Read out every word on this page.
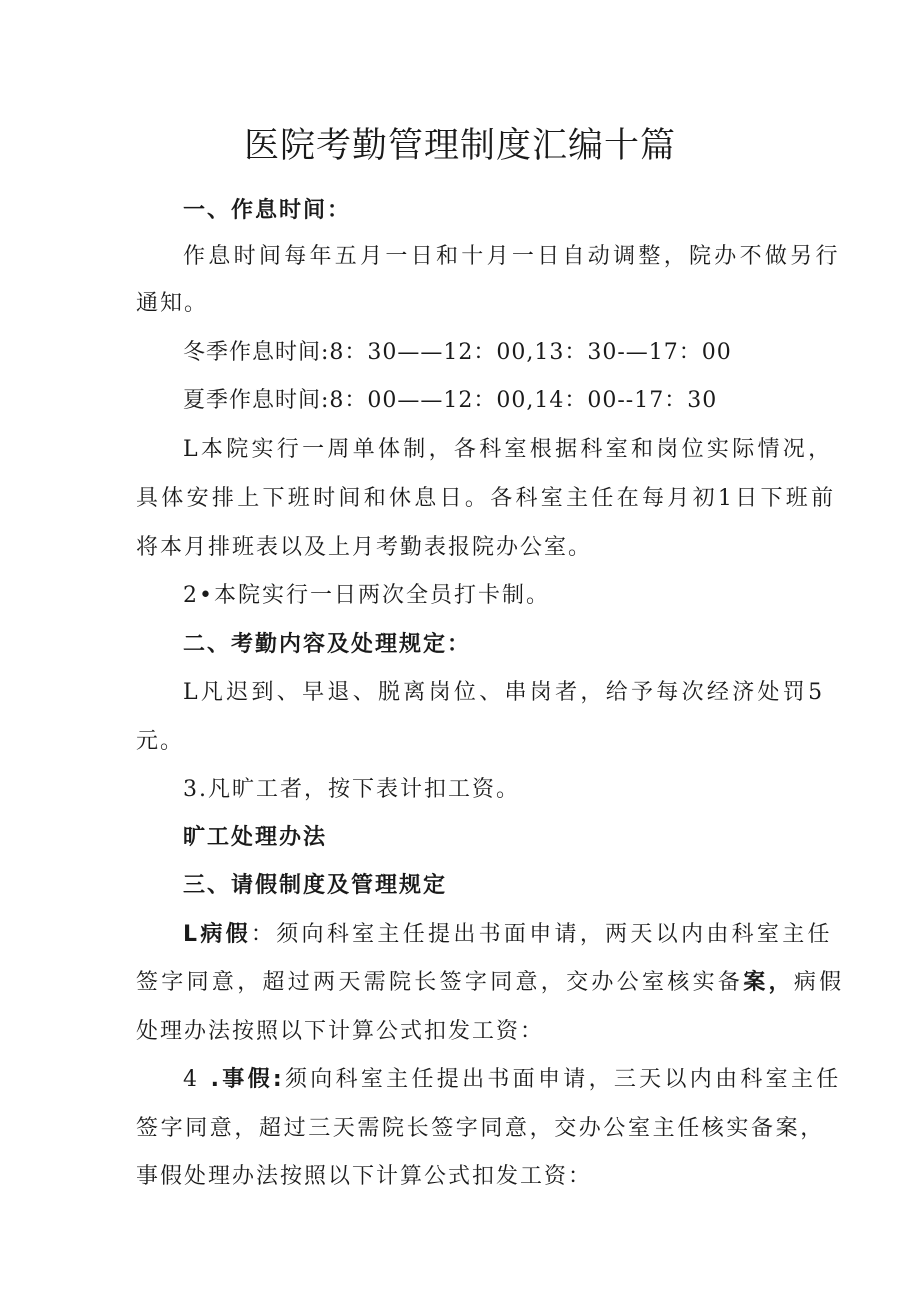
医院考勤管理制度汇编十篇

一、作息时间：

作息时间每年五月一日和十月一日自动调整，院办不做另行

通知。

冬季作息时间:8：30——12：00,13：30-—17：00

夏季作息时间:8：00——12：00,14：00--17：30

L本院实行一周单体制，各科室根据科室和岗位实际情况，

具体安排上下班时间和休息日。各科室主任在每月初1日下班前

将本月排班表以及上月考勤表报院办公室。

2•本院实行一日两次全员打卡制。

二、考勤内容及处理规定：

L凡迟到、早退、脱离岗位、串岗者，给予每次经济处罚5

元。

3.凡旷工者，按下表计扣工资。

旷工处理办法

三、请假制度及管理规定

L病假：须向科室主任提出书面申请，两天以内由科室主任

签字同意，超过两天需院长签字同意，交办公室核实备案，病假

处理办法按照以下计算公式扣发工资：

4 .事假:须向科室主任提出书面申请，三天以内由科室主任

签字同意，超过三天需院长签字同意，交办公室主任核实备案，

事假处理办法按照以下计算公式扣发工资：
